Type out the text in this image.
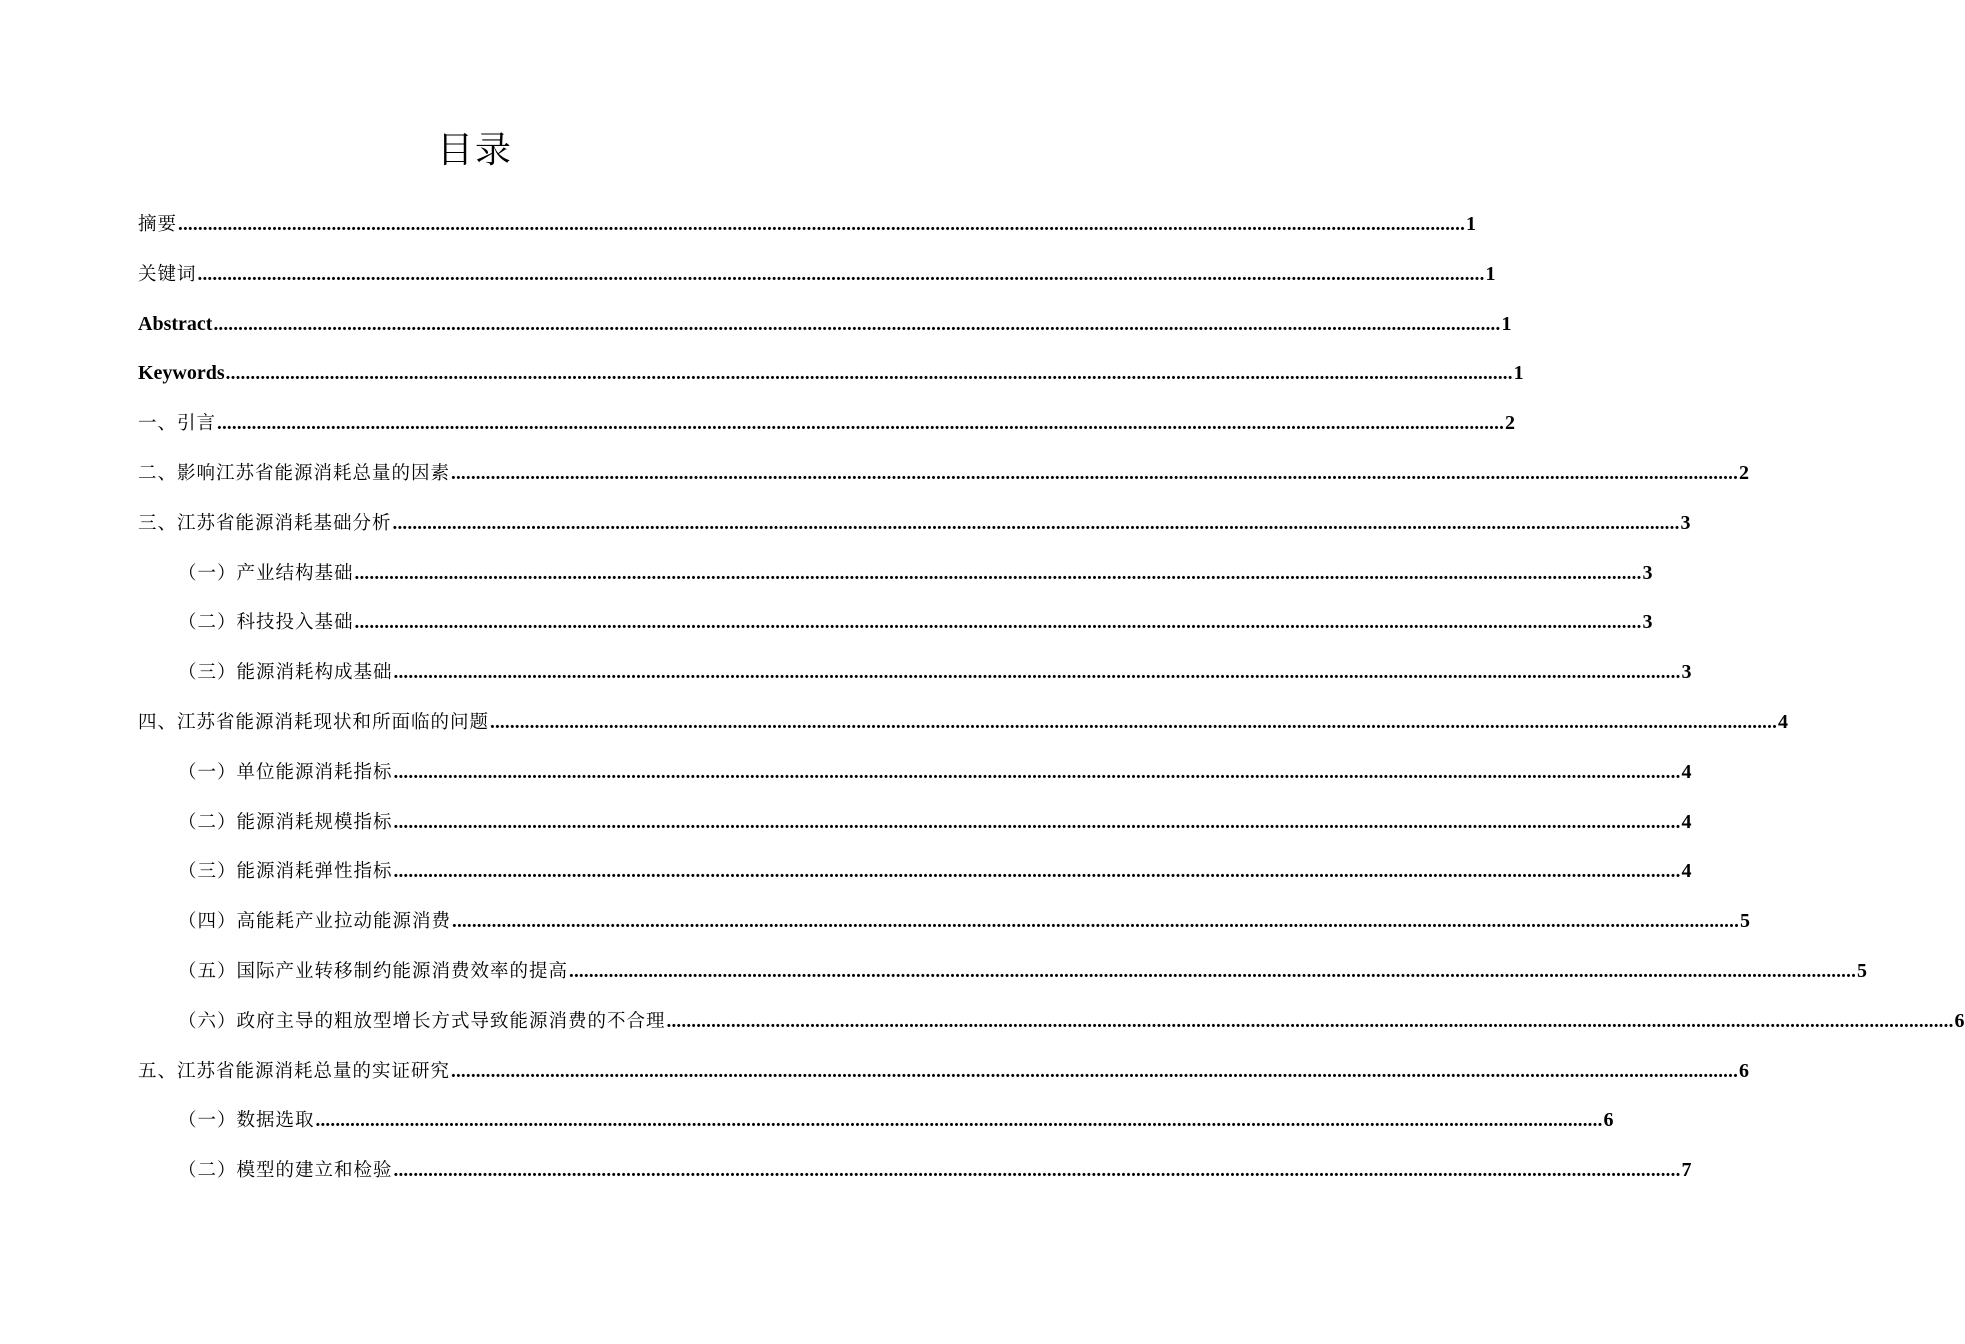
目录
摘要 .................................................................................................................................................................................................................................................................... 1
关键词 .................................................................................................................................................................................................................................................................... 1
Abstract .................................................................................................................................................................................................................................................................... 1
Keywords .................................................................................................................................................................................................................................................................... 1
一、引言 .................................................................................................................................................................................................................................................................... 2
二、影响江苏省能源消耗总量的因素 .................................................................................................................................................................................................................................................................... 2
三、江苏省能源消耗基础分析 .................................................................................................................................................................................................................................................................... 3
（一）产业结构基础 .................................................................................................................................................................................................................................................................... 3
（二）科技投入基础 .................................................................................................................................................................................................................................................................... 3
（三）能源消耗构成基础 .................................................................................................................................................................................................................................................................... 3
四、江苏省能源消耗现状和所面临的问题 .................................................................................................................................................................................................................................................................... 4
（一）单位能源消耗指标 .................................................................................................................................................................................................................................................................... 4
（二）能源消耗规模指标 .................................................................................................................................................................................................................................................................... 4
（三）能源消耗弹性指标 .................................................................................................................................................................................................................................................................... 4
（四）高能耗产业拉动能源消费 .................................................................................................................................................................................................................................................................... 5
（五）国际产业转移制约能源消费效率的提高 .................................................................................................................................................................................................................................................................... 5
（六）政府主导的粗放型增长方式导致能源消费的不合理 .................................................................................................................................................................................................................................................................... 6
五、江苏省能源消耗总量的实证研究 .................................................................................................................................................................................................................................................................... 6
（一）数据选取 .................................................................................................................................................................................................................................................................... 6
（二）模型的建立和检验 .................................................................................................................................................................................................................................................................... 7
